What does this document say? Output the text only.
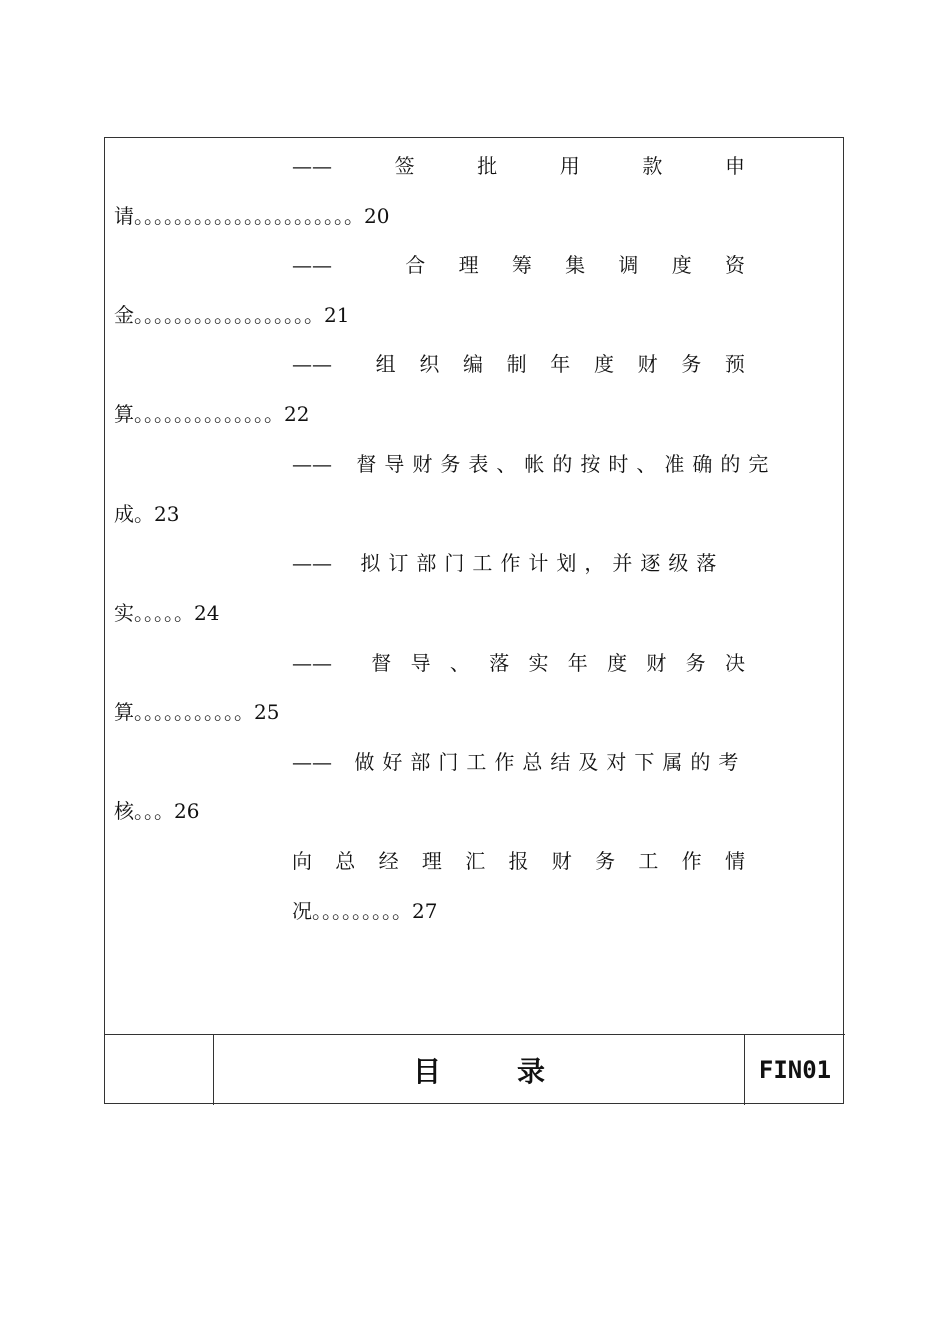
——	签	批	用	款	申
请。。。。。。。。。。。。。。。。。。。。。。20
——	合 理 筹 集 调 度 资
金。。。。。。。。。。。。。。。。。。21
—— 组 织 编 制 年 度 财 务 预
算。。。。。。。。。。。。。。22
—— 督导财务表、帐的按时、准确的完
成。23
—— 拟订部门工作计划，并逐级落
实。。。。。24
—— 督 导 、 落 实 年 度 财 务 决
算。。。。。。。。。。。25
—— 做好部门工作总结及对下属的考
核。。。26
向 总 经 理 汇 报 财 务 工 作 情
况。。。。。。。。。27
目录	FIN01
